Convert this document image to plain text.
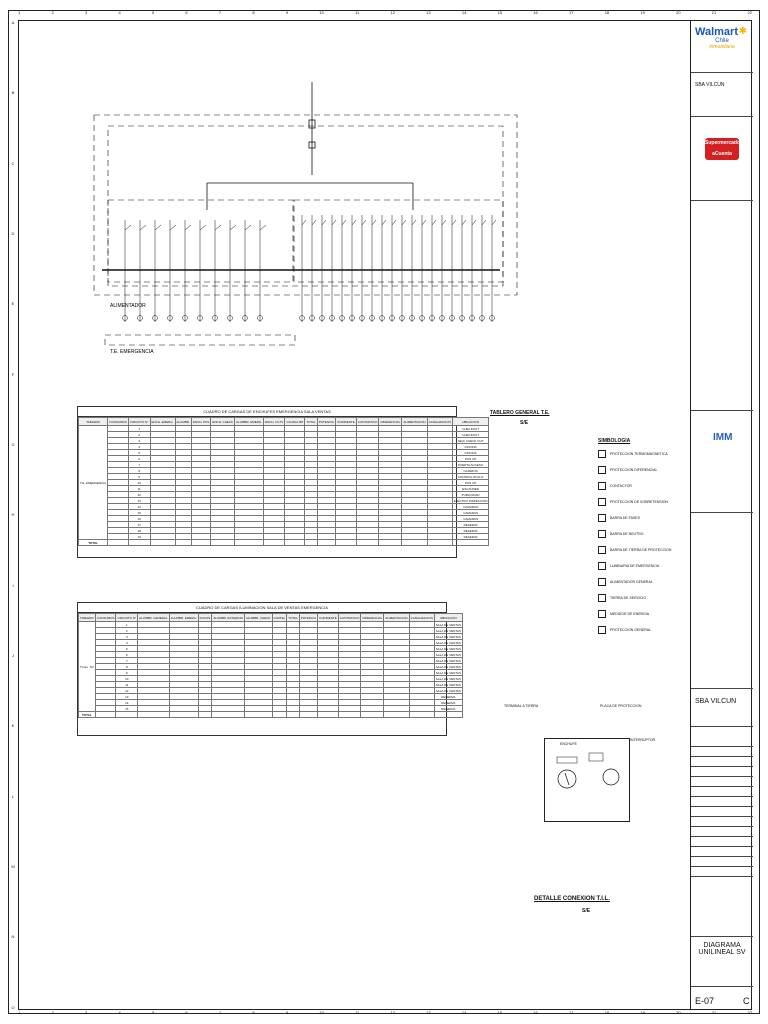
1	2	3	4	5	6	7	8	9	10	11	12	13	14	15	16	17	18	19	20	21	22
1	2	3	4	5	6	7	8	9	10	11	12	13	14	15	16	17	18	19	20	21	22
A
B
C
D
E
F
G
H
I
J
K
L
M
N
O
ALIMENTADOR
T.E. EMERGENCIA
CUADRO DE CARGAS DE ENCHUFES EMERGENCIA SALA VENTAS
TABLERO	CONSUMOS	CIRCUITO N°	ENCH. EMERG.	ALUMBR.	ENCH. POS	ENCH. CHECK	ALUMBR. EMERG.	ENCH. CCTV	CAUDAL BP	TOTAL	POTENCIA	CORRIENTE	AUTOMATICO	DIFERENCIAL	ALIMENTACION	CANALIZACION	UBICACION
T.E. EMERGENCIA		1															CHECKOUT
		2															CHECKOUT
		3															SELF CHECK OUT
		4															OFICINA
		5															OFICINA
		6															POS UP
		7															PUERTA ACCESO
		8															CAJEROS
		9															CONTROL ROLLO
		10															POS UP
		11															ESCANNER
		12															PUBLICIDAD
		13															ELECTRO INSPECCION
		14															CAMARAS
		15															CAMARAS
		16															CAMARAS
		17															RESERVA
		18															RESERVA
		19															RESERVA
TOTAL																	
CUADRO DE CARGAS ILUMINACION SALA DE VENTAS EMERGENCIA
TABLERO	CONSUMOS	CIRCUITO N°	ALUMBR. GENERAL	ALUMBR. EMERG.	FOCOS	ALUMBR. EXTERIOR	ALUMBR. CHECK	CARTEL	TOTAL	POTENCIA	CORRIENTE	AUTOMATICO	DIFERENCIAL	ALIMENTACION	CANALIZACION	UBICACION
T.Ilum. SV		1														SALA DE VENTAS
		2														SALA DE VENTAS
		3														SALA DE VENTAS
		4														SALA DE VENTAS
		5														SALA DE VENTAS
		6														SALA DE VENTAS
		7														SALA DE VENTAS
		8														SALA DE VENTAS
		9														SALA DE VENTAS
		10														SALA DE VENTAS
		11														SALA DE VENTAS
		12														SALA DE VENTAS
		13														RESERVA
		14														RESERVA
		15														RESERVA
TOTAL																
TABLERO GENERAL T.E.
S/E
SIMBOLOGIA
PROTECCION TERMOMAGNETICA
PROTECCION DIFERENCIAL
CONTACTOR
PROTECCION DE SOBRETENSION
BARRA DE FASES
BARRA DE NEUTRO
BARRA DE TIERRA DE PROTECCION
LUMINARIA DE EMERGENCIA
ALIMENTADOR GENERAL
TIERRA DE SERVICIO
MEDIDOR DE ENERGIA
PROTECCION GENERAL
TERMINAL A TIERRA	PLACA DE PROTECCION
ENCHUFE
INTERRUPTOR
DETALLE CONEXION T.I.L.
S/E
✱
Walmart
Chile
Inmobiliaria
SBA VILCUN
Supermercado aCuenta
IMM
SBA VILCUN
DIAGRAMA UNILINEAL SV
E-07	C
